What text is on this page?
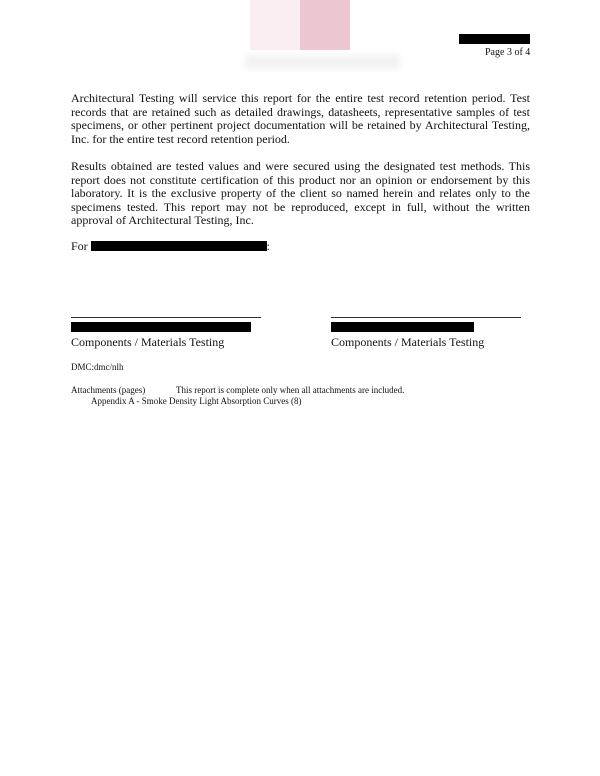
Page 3 of 4

Architectural Testing will service this report for the entire test record retention period. Test records that are retained such as detailed drawings, datasheets, representative samples of test specimens, or other pertinent project documentation will be retained by Architectural Testing, Inc. for the entire test record retention period.

Results obtained are tested values and were secured using the designated test methods. This report does not constitute certification of this product nor an opinion or endorsement by this laboratory. It is the exclusive property of the client so named herein and relates only to the specimens tested. This report may not be reproduced, except in full, without the written approval of Architectural Testing, Inc.

For	:
Components / Materials Testing	Components / Materials Testing
DMC:dmc/nlh
Attachments (pages)	This report is complete only when all attachments are included.
Appendix A - Smoke Density Light Absorption Curves (8)
